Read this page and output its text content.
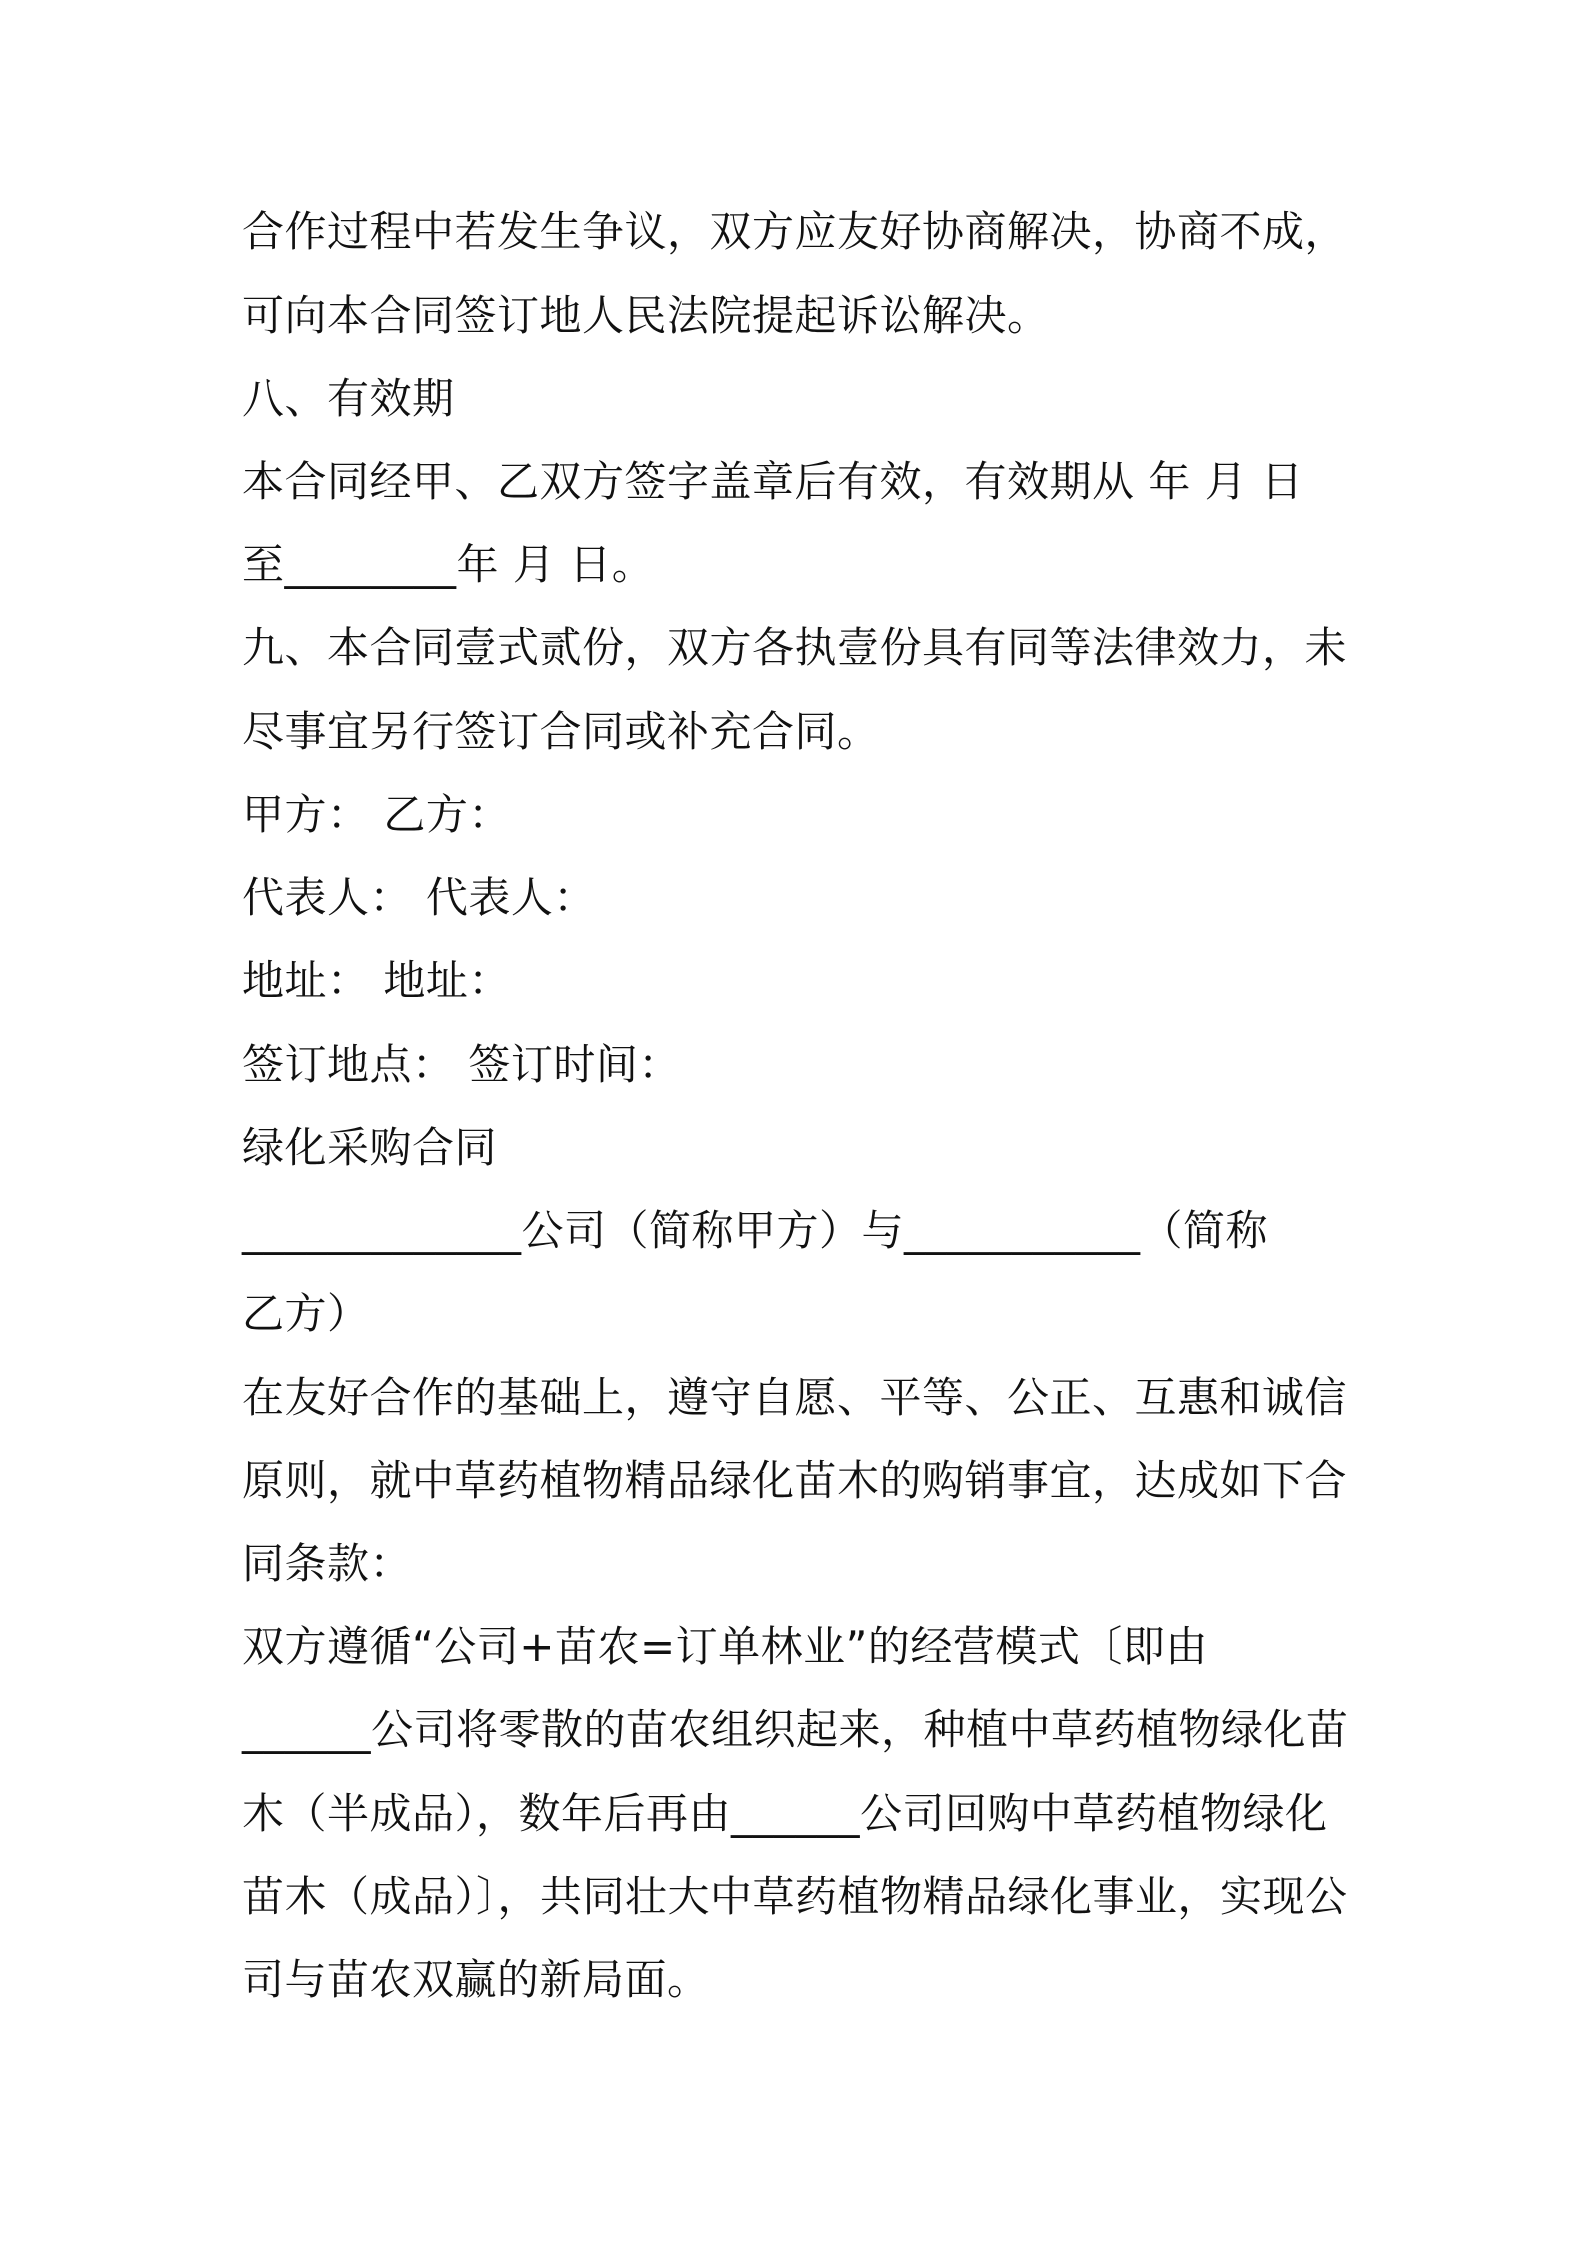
合作过程中若发生争议，双方应友好协商解决，协商不成，
可向本合同签订地人民法院提起诉讼解决。
八、有效期
本合同经甲、乙双方签字盖章后有效，有效期从 年 月 日
至________年 月 日。
九、本合同壹式贰份，双方各执壹份具有同等法律效力，未
尽事宜另行签订合同或补充合同。
甲方： 乙方：
代表人： 代表人：
地址： 地址：
签订地点： 签订时间：
绿化采购合同
_____________公司（简称甲方）与___________（简称
乙方）
在友好合作的基础上，遵守自愿、平等、公正、互惠和诚信
原则，就中草药植物精品绿化苗木的购销事宜，达成如下合
同条款：
双方遵循“公司+苗农=订单林业”的经营模式〔即由
______公司将零散的苗农组织起来，种植中草药植物绿化苗
木（半成品），数年后再由______公司回购中草药植物绿化
苗木（成品）〕，共同壮大中草药植物精品绿化事业，实现公
司与苗农双赢的新局面。
